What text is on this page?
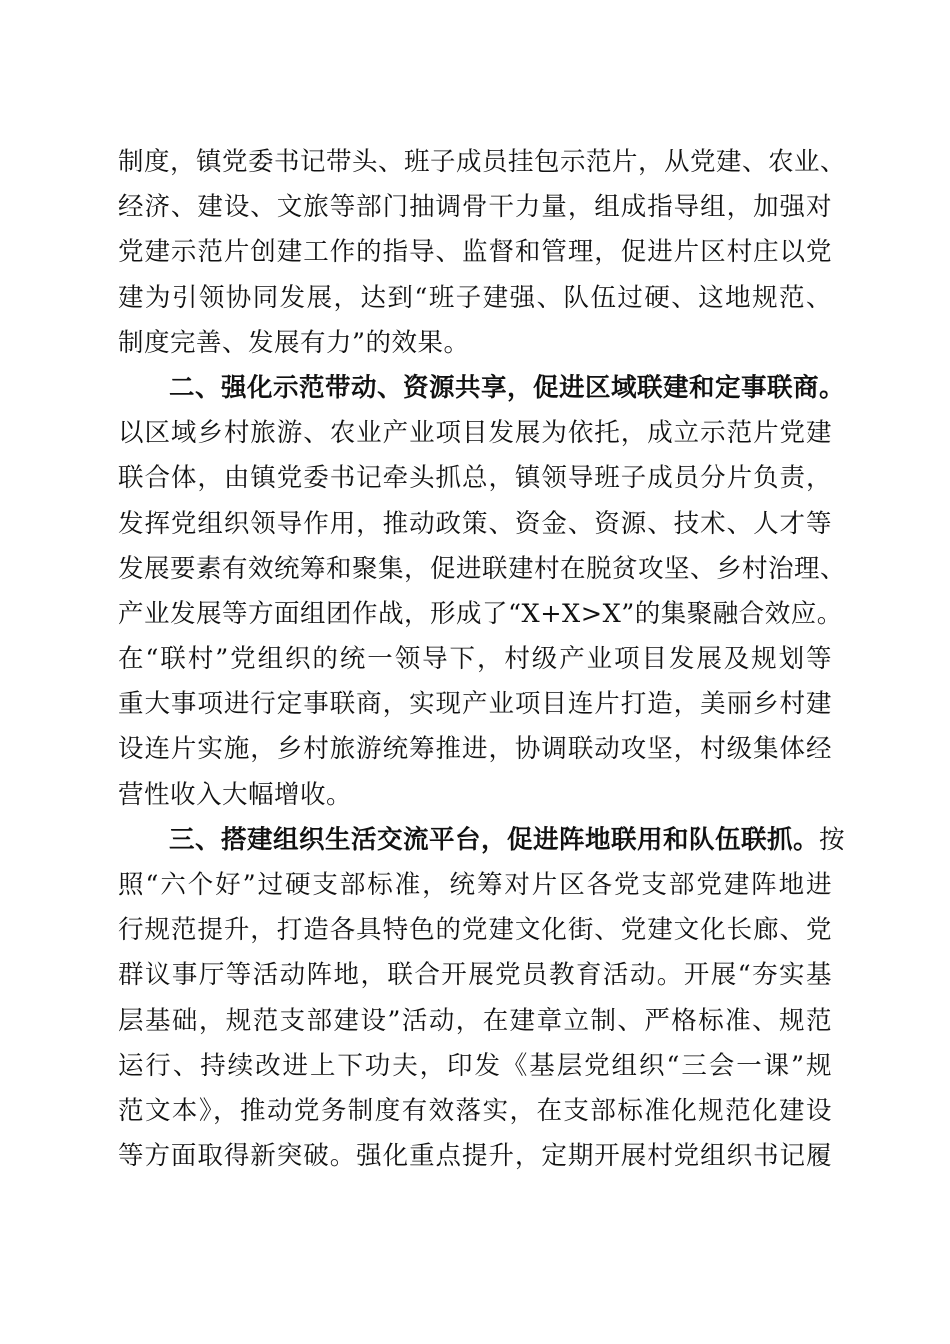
制度，镇党委书记带头、班子成员挂包示范片，从党建、农业、
经济、建设、文旅等部门抽调骨干力量，组成指导组，加强对
党建示范片创建工作的指导、监督和管理，促进片区村庄以党
建为引领协同发展，达到“班子建强、队伍过硬、这地规范、
制度完善、发展有力”的效果。
二、强化示范带动、资源共享，促进区域联建和定事联商。
以区域乡村旅游、农业产业项目发展为依托，成立示范片党建
联合体，由镇党委书记牵头抓总，镇领导班子成员分片负责，
发挥党组织领导作用，推动政策、资金、资源、技术、人才等
发展要素有效统筹和聚集，促进联建村在脱贫攻坚、乡村治理、
产业发展等方面组团作战，形成了“X+X>X”的集聚融合效应。
在“联村”党组织的统一领导下，村级产业项目发展及规划等
重大事项进行定事联商，实现产业项目连片打造，美丽乡村建
设连片实施，乡村旅游统筹推进，协调联动攻坚，村级集体经
营性收入大幅增收。
三、搭建组织生活交流平台，促进阵地联用和队伍联抓。按
照“六个好”过硬支部标准，统筹对片区各党支部党建阵地进
行规范提升，打造各具特色的党建文化街、党建文化长廊、党
群议事厅等活动阵地，联合开展党员教育活动。开展“夯实基
层基础，规范支部建设”活动，在建章立制、严格标准、规范
运行、持续改进上下功夫，印发《基层党组织“三会一课”规
范文本》，推动党务制度有效落实，在支部标准化规范化建设
等方面取得新突破。强化重点提升，定期开展村党组织书记履
